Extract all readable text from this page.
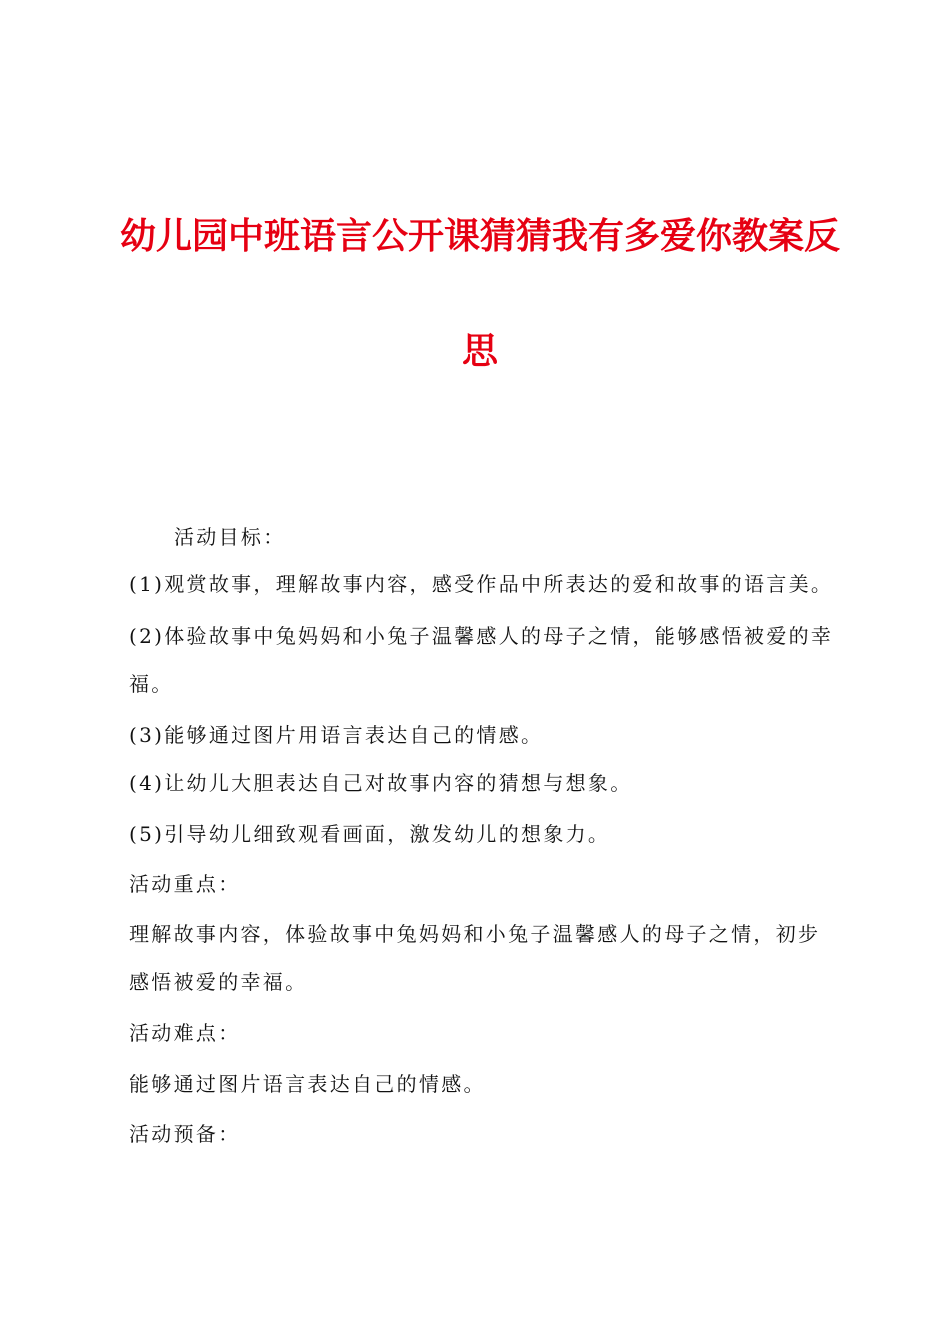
幼儿园中班语言公开课猜猜我有多爱你教案反
思

活动目标：

(1)观赏故事，理解故事内容，感受作品中所表达的爱和故事的语言美。

(2)体验故事中兔妈妈和小兔子温馨感人的母子之情，能够感悟被爱的幸

福。

(3)能够通过图片用语言表达自己的情感。

(4)让幼儿大胆表达自己对故事内容的猜想与想象。

(5)引导幼儿细致观看画面，激发幼儿的想象力。

活动重点：

理解故事内容，体验故事中兔妈妈和小兔子温馨感人的母子之情，初步

感悟被爱的幸福。

活动难点：

能够通过图片语言表达自己的情感。

活动预备：
